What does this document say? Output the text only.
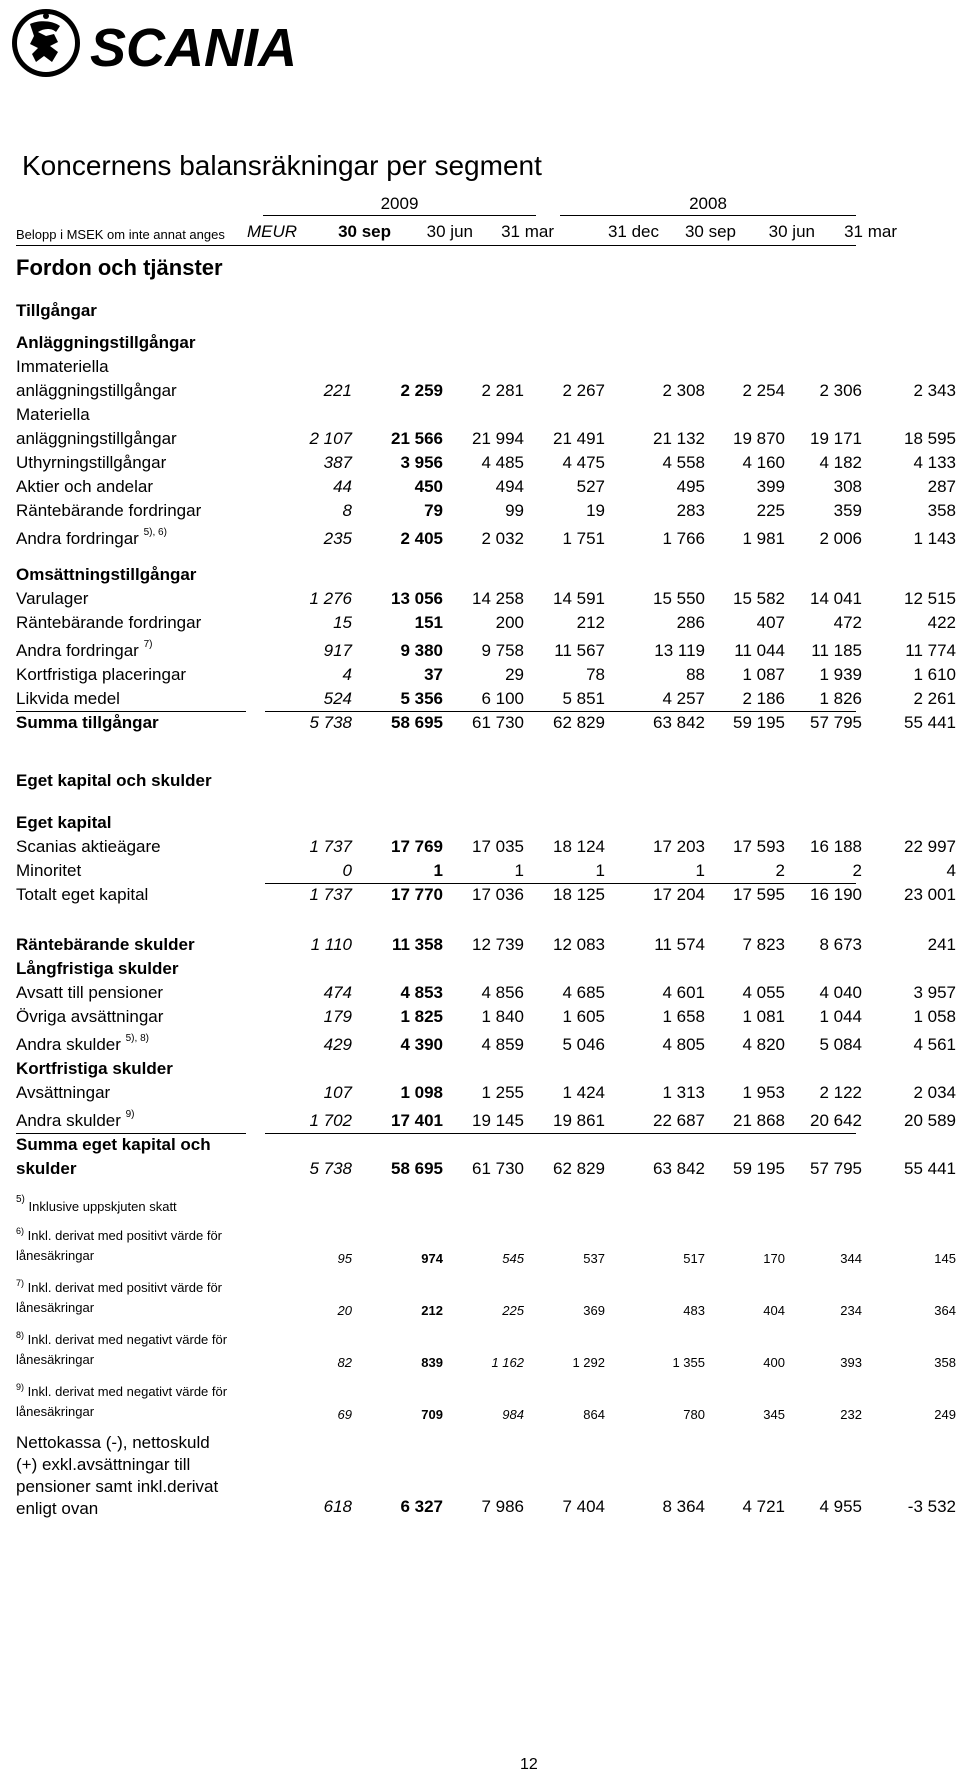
SCANIA
Koncernens balansräkningar per segment
2009	2008
Belopp i MSEK om inte annat anges	MEUR	30 sep	30 jun	31 mar	31 dec	30 sep	30 jun	31 mar
Fordon och tjänster
Tillgångar
Anläggningstillgångar
Immateriella
anläggningstillgångar	221	2 259	2 281	2 267	2 308	2 254	2 306	2 343
Materiella
anläggningstillgångar	2 107	21 566	21 994	21 491	21 132	19 870	19 171	18 595
Uthyrningstillgångar	387	3 956	4 485	4 475	4 558	4 160	4 182	4 133
Aktier och andelar	44	450	494	527	495	399	308	287
Räntebärande fordringar	8	79	99	19	283	225	359	358
Andra fordringar $^{5), 6)}$	235	2 405	2 032	1 751	1 766	1 981	2 006	1 143
Omsättningstillgångar
Varulager	1 276	13 056	14 258	14 591	15 550	15 582	14 041	12 515
Räntebärande fordringar	15	151	200	212	286	407	472	422
Andra fordringar $^{7)}$	917	9 380	9 758	11 567	13 119	11 044	11 185	11 774
Kortfristiga placeringar	4	37	29	78	88	1 087	1 939	1 610
Likvida medel	524	5 356	6 100	5 851	4 257	2 186	1 826	2 261
Summa tillgångar	5 738	58 695	61 730	62 829	63 842	59 195	57 795	55 441
Eget kapital och skulder
Eget kapital
Scanias aktieägare	1 737	17 769	17 035	18 124	17 203	17 593	16 188	22 997
Minoritet	0	1	1	1	1	2	2	4
Totalt eget kapital	1 737	17 770	17 036	18 125	17 204	17 595	16 190	23 001
Räntebärande skulder	1 110	11 358	12 739	12 083	11 574	7 823	8 673	241
Långfristiga skulder
Avsatt till pensioner	474	4 853	4 856	4 685	4 601	4 055	4 040	3 957
Övriga avsättningar	179	1 825	1 840	1 605	1 658	1 081	1 044	1 058
Andra skulder $^{5), 8)}$	429	4 390	4 859	5 046	4 805	4 820	5 084	4 561
Kortfristiga skulder
Avsättningar	107	1 098	1 255	1 424	1 313	1 953	2 122	2 034
Andra skulder $^{9)}$	1 702	17 401	19 145	19 861	22 687	21 868	20 642	20 589
Summa eget kapital och
skulder	5 738	58 695	61 730	62 829	63 842	59 195	57 795	55 441
$^{5)}$ Inklusive uppskjuten skatt
$^{6)}$ Inkl. derivat med positivt värde för
lånesäkringar	95	974	545	537	517	170	344	145
$^{7)}$ Inkl. derivat med positivt värde för
lånesäkringar	20	212	225	369	483	404	234	364
$^{8)}$ Inkl. derivat med negativt värde för
lånesäkringar	82	839	1 162	1 292	1 355	400	393	358
$^{9)}$ Inkl. derivat med negativt värde för
lånesäkringar	69	709	984	864	780	345	232	249
Nettokassa (-), nettoskuld
(+) exkl.avsättningar till
pensioner samt inkl.derivat
enligt ovan	618	6 327	7 986	7 404	8 364	4 721	4 955	-3 532
12
